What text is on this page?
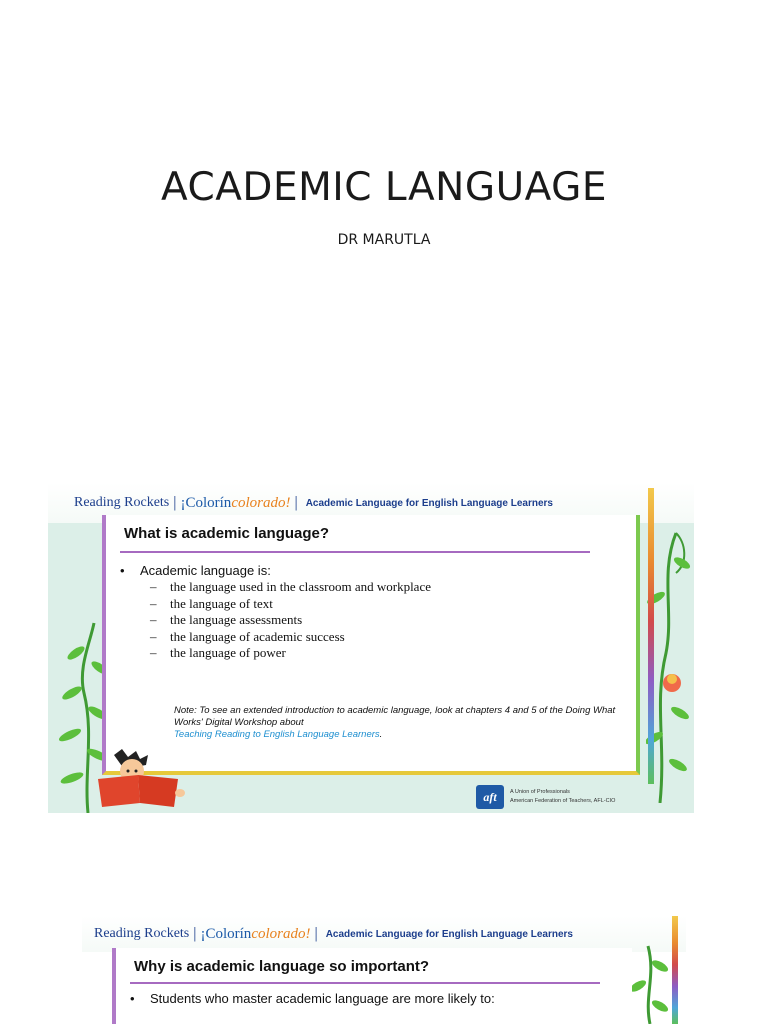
ACADEMIC LANGUAGE
DR MARUTLA
Reading Rockets | ¡Coloríncolorado! | Academic Language for English Language Learners
What is academic language?
• Academic language is:
– the language used in the classroom and workplace
– the language of text
– the language assessments
– the language of academic success
– the language of power
Note: To see an extended introduction to academic language, look at chapters 4 and 5 of the Doing What Works' Digital Workshop about
Teaching Reading to English Language Learners.
aft	A Union of Professionals
American Federation of Teachers, AFL-CIO
Reading Rockets | ¡Coloríncolorado! | Academic Language for English Language Learners
Why is academic language so important?
• Students who master academic language are more likely to:
